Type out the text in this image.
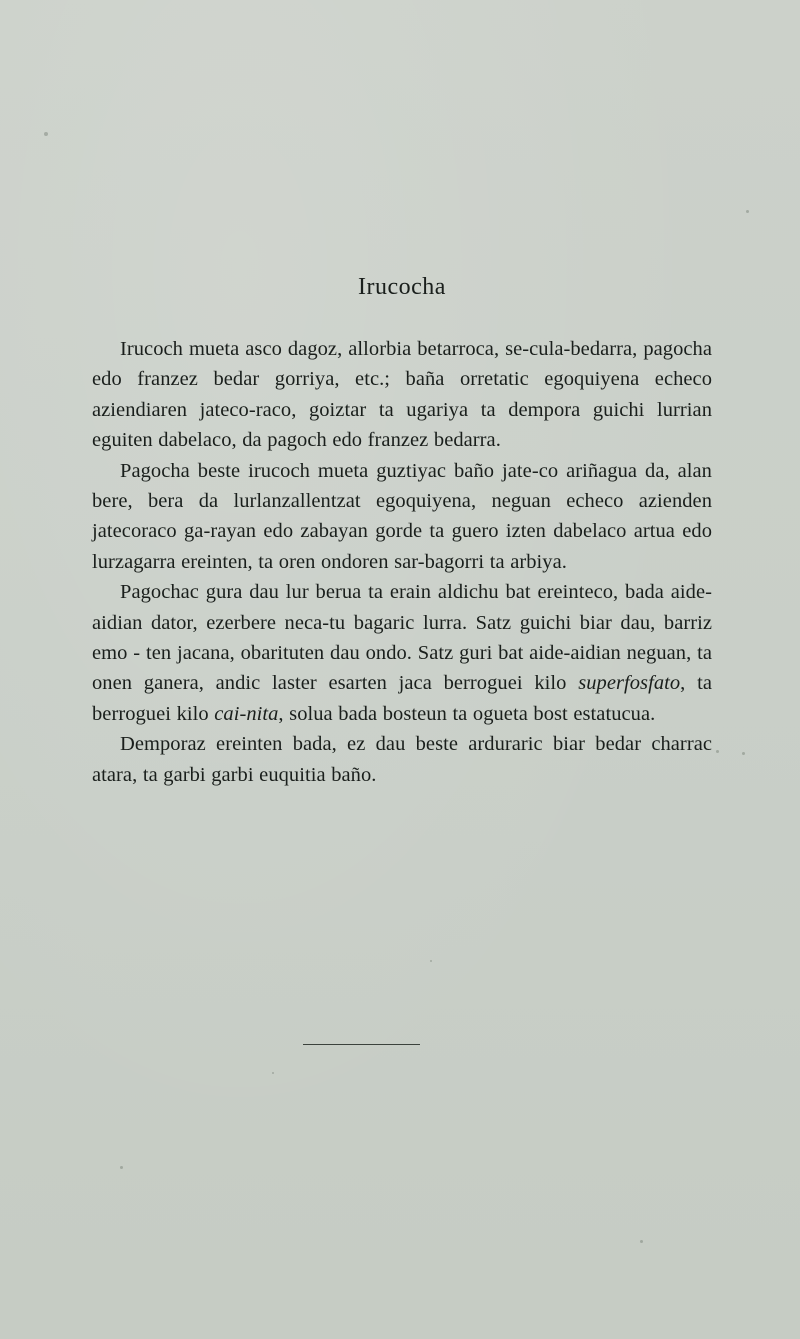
Irucocha

Irucoch mueta asco dagoz, allorbia betarroca, se-cula-bedarra, pagocha edo franzez bedar gorriya, etc.; baña orretatic egoquiyena echeco aziendiaren jateco-raco, goiztar ta ugariya ta dempora guichi lurrian eguiten dabelaco, da pagoch edo franzez bedarra.

Pagocha beste irucoch mueta guztiyac baño jate-co ariñagua da, alan bere, bera da lurlanzallentzat egoquiyena, neguan echeco azienden jatecoraco ga-rayan edo zabayan gorde ta guero izten dabelaco artua edo lurzagarra ereinten, ta oren ondoren sar-bagorri ta arbiya.

Pagochac gura dau lur berua ta erain aldichu bat ereinteco, bada aide-aidian dator, ezerbere neca-tu bagaric lurra. Satz guichi biar dau, barriz emo - ten jacana, obarituten dau ondo. Satz guri bat aide-aidian neguan, ta onen ganera, andic laster esarten jaca berroguei kilo superfosfato, ta berroguei kilo cai-nita, solua bada bosteun ta ogueta bost estatucua.

Demporaz ereinten bada, ez dau beste arduraric biar bedar charrac atara, ta garbi garbi euquitia baño.
